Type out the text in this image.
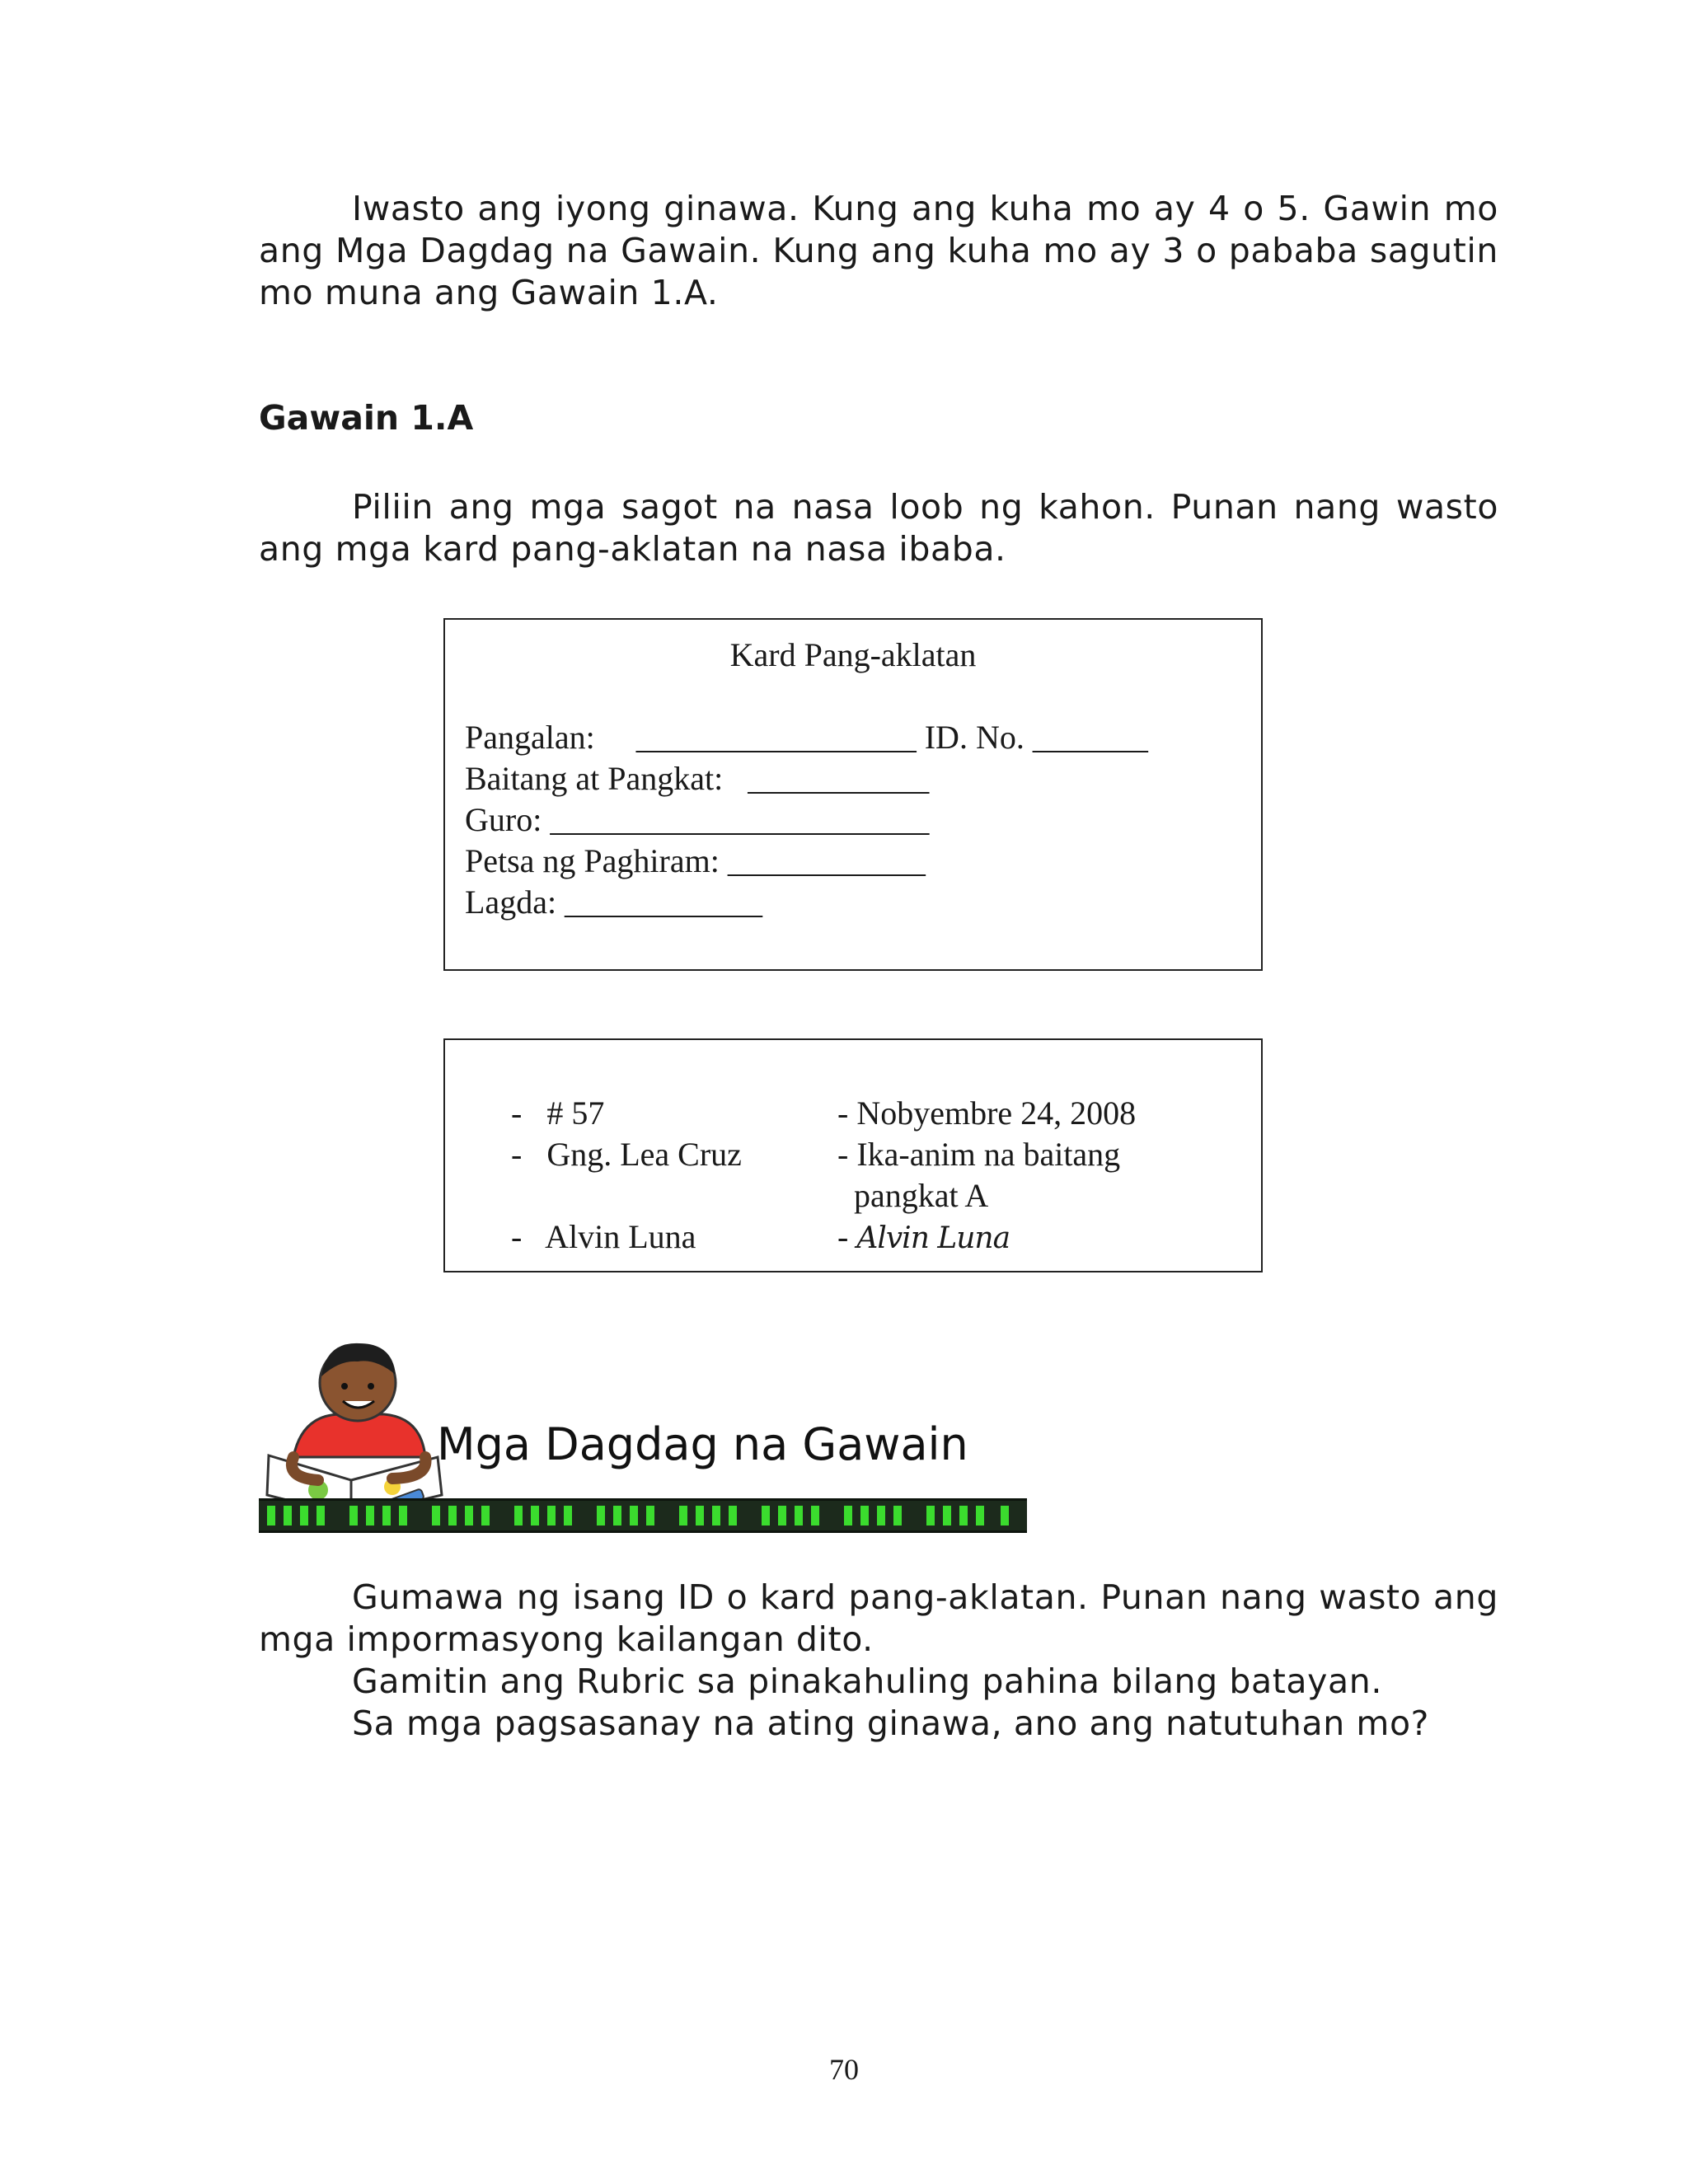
Iwasto ang iyong ginawa. Kung ang kuha mo ay 4 o 5. Gawin mo ang Mga Dagdag na Gawain. Kung ang kuha mo ay 3 o pababa sagutin mo muna ang Gawain 1.A.

Gawain 1.A

Piliin ang mga sagot na nasa loob ng kahon. Punan nang wasto ang mga kard pang-aklatan na nasa ibaba.

Kard Pang-aklatan
Pangalan:     _________________ ID. No. _______
Baitang at Pangkat:   ___________
Guro: _______________________
Petsa ng Paghiram: ____________
Lagda: ____________
-   # 57
-   Gng. Lea Cruz
-   Alvin Luna
- Nobyembre 24, 2008
- Ika-anim na baitang
pangkat A
- Alvin Luna
Mga Dagdag na Gawain

Gumawa ng isang ID o kard pang-aklatan. Punan nang wasto ang mga impormasyong kailangan dito.

Gamitin ang Rubric sa pinakahuling pahina bilang batayan.

Sa mga pagsasanay na ating ginawa, ano ang natutuhan mo?

70
